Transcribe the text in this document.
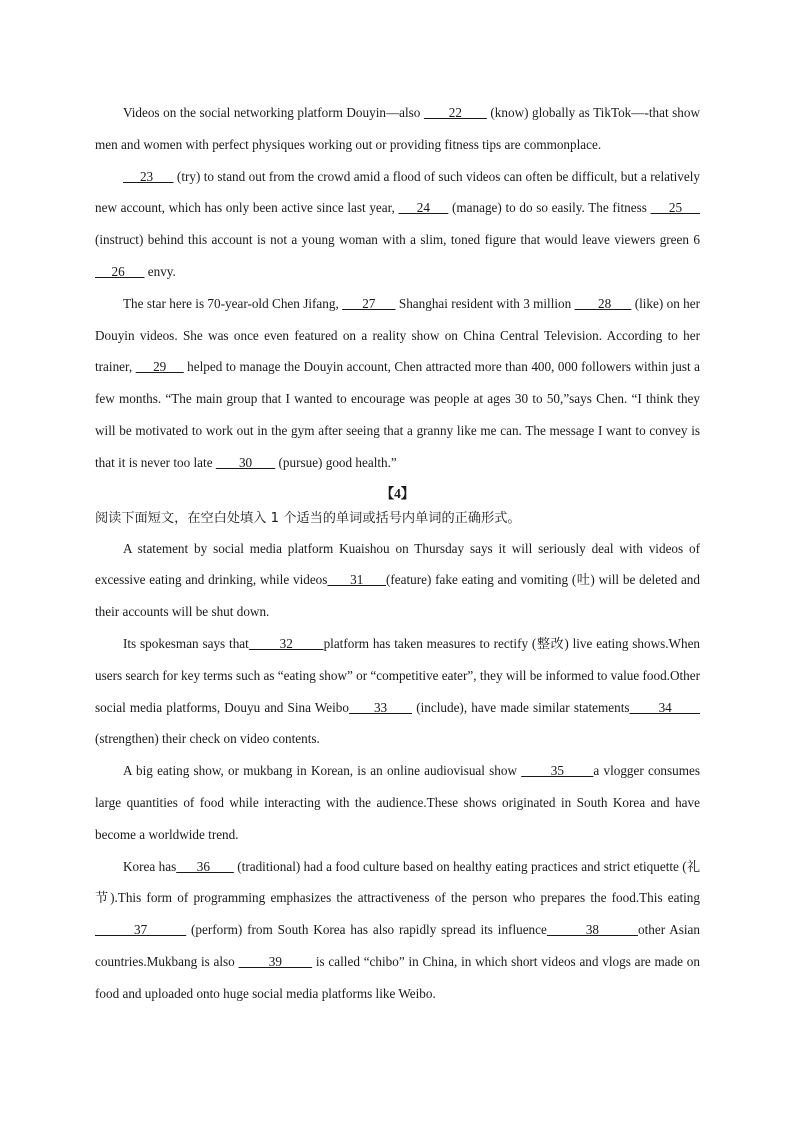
Videos on the social networking platform Douyin—also        22        (know) globally as TikTok—-that show men and women with perfect physiques working out or providing fitness tips are commonplace.

23       (try) to stand out from the crowd amid a flood of such videos can often be difficult, but a relatively new account, which has only been active since last year,      24      (manage) to do so easily. The fitness      25      (instruct) behind this account is not a young woman with a slim, toned figure that would leave viewers green 6      26       envy.

The star here is 70-year-old Chen Jifang,       27       Shanghai resident with 3 million        28       (like) on her Douyin videos. She was once even featured on a reality show on China Central Television. According to her trainer,      29      helped to manage the Douyin account, Chen attracted more than 400, 000 followers within just a few months. “The main group that I wanted to encourage was people at ages 30 to 50,”says Chen. “I think they will be motivated to work out in the gym after seeing that a granny like me can. The message I want to convey is that it is never too late        30        (pursue) good health.”

【4】

阅读下面短文，在空白处填入 1 个适当的单词或括号内单词的正确形式。

A statement by social media platform Kuaishou on Thursday says it will seriously deal with videos of excessive eating and drinking, while videos      31      (feature) fake eating and vomiting (吐) will be deleted and their accounts will be shut down.

Its spokesman says that        32        platform has taken measures to rectify (整改) live eating shows.When users search for key terms such as “eating show” or “competitive eater”, they will be informed to value food.Other social media platforms, Douyu and Sina Weibo      33       (include), have made similar statements       34        (strengthen) their check on video contents.

A big eating show, or mukbang in Korean, is an online audiovisual show        35       a vlogger consumes large quantities of food while interacting with the audience.These shows originated in South Korea and have become a worldwide trend.

Korea has      36        (traditional) had a food culture based on healthy eating practices and strict etiquette (礼节).This form of programming emphasizes the attractiveness of the person who prepares the food.This eating        37         (perform) from South Korea has also rapidly spread its influence        38        other Asian countries.Mukbang is also         39         is called “chibo” in China, in which short videos and vlogs are made on food and uploaded onto huge social media platforms like Weibo.
